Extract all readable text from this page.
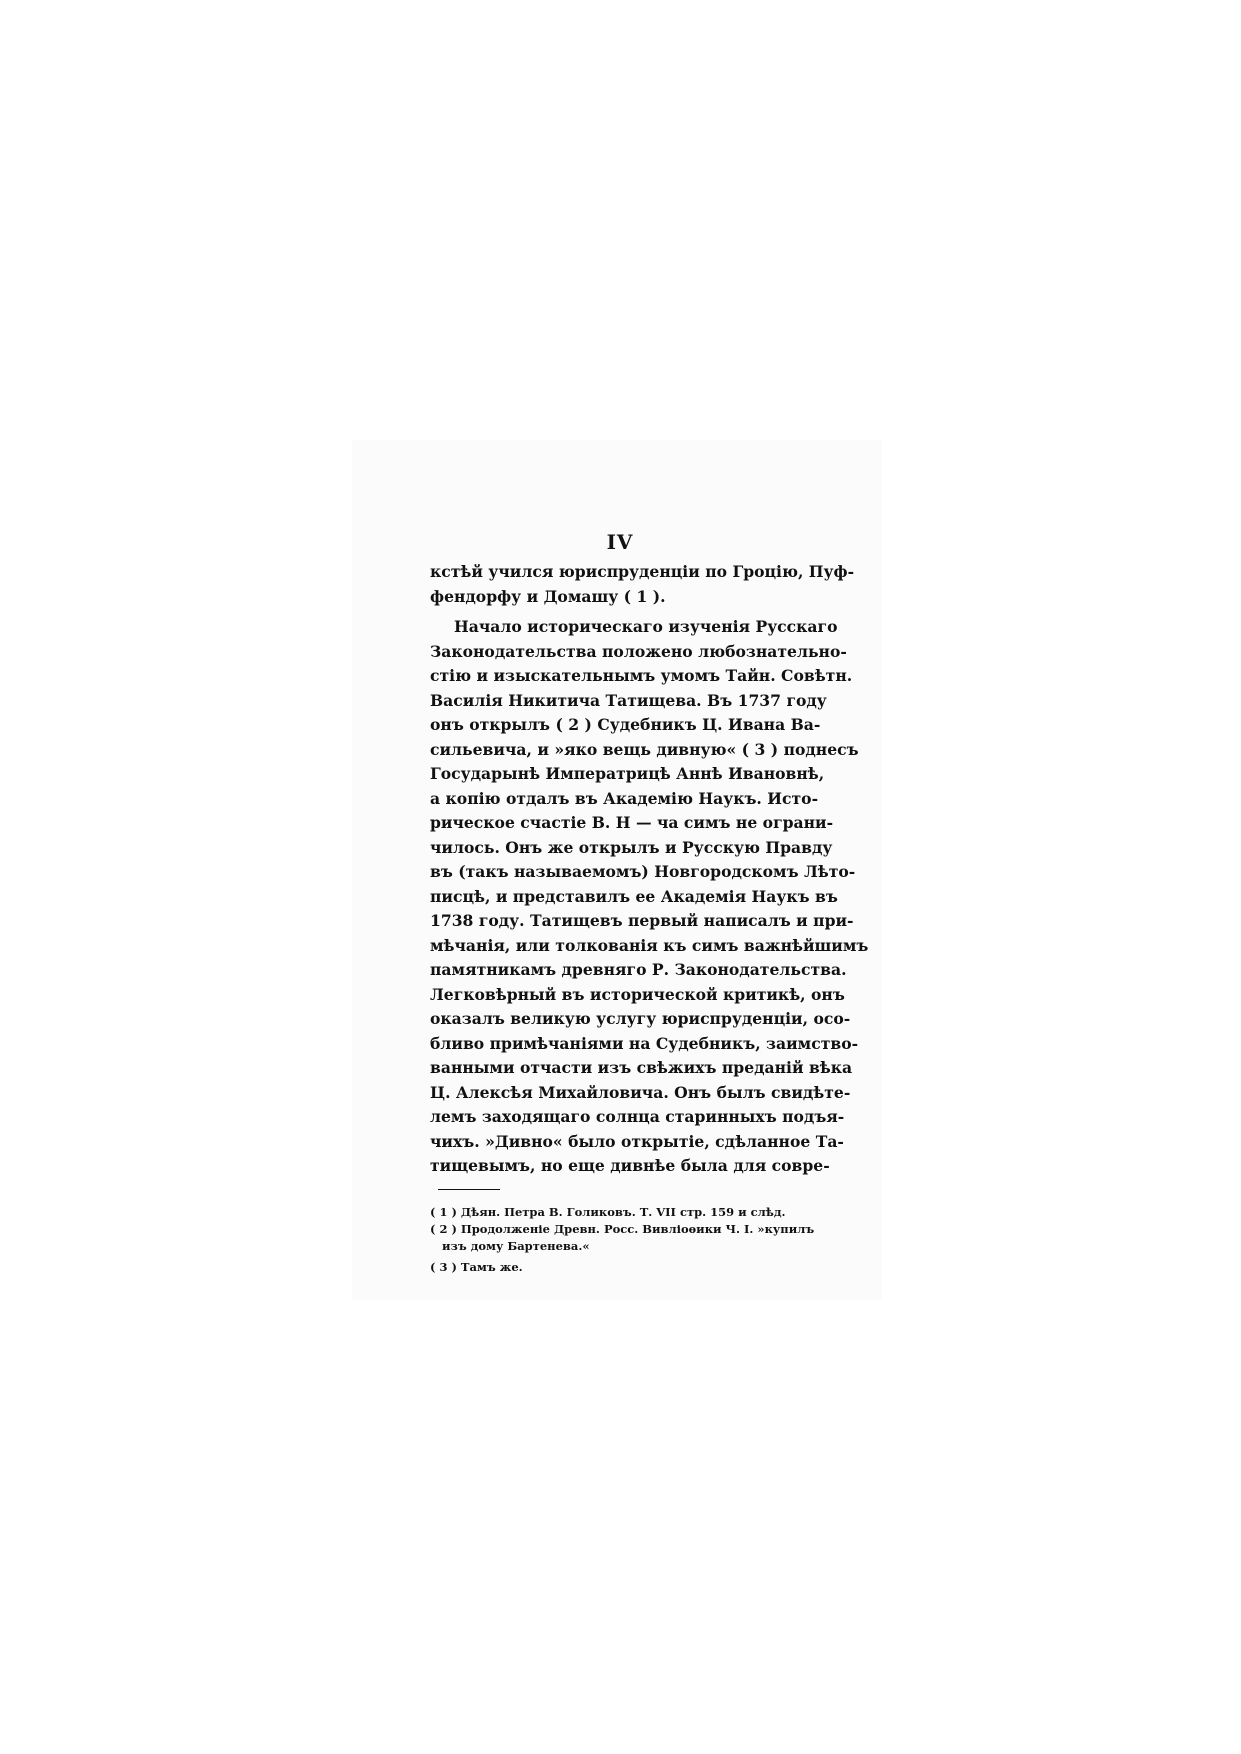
IV
кстѣй учился юриспруденціи по Гроцію, Пуф-
фендорфу и Домашу ( 1 ).
Начало историческаго изученія Русскаго
Законодательства положено любознательно-
стію и изыскательнымъ умомъ Тайн. Совѣтн.
Василія Никитича Татищева. Въ 1737 году
онъ открылъ ( 2 ) Судебникъ Ц. Ивана Ва-
сильевича, и »яко вещь дивную« ( 3 ) поднесъ
Государынѣ Императрицѣ Аннѣ Ивановнѣ,
а копію отдалъ въ Академію Наукъ. Исто-
рическое счастіе В. Н — ча симъ не ограни-
чилось. Онъ же открылъ и Русскую Правду
въ (такъ называемомъ) Новгородскомъ Лѣто-
писцѣ, и представилъ ее Академія Наукъ въ
1738 году. Татищевъ первый написалъ и при-
мѣчанія, или толкованія къ симъ важнѣйшимъ
памятникамъ древняго Р. Законодательства.
Легковѣрный въ исторической критикѣ, онъ
оказалъ великую услугу юриспруденціи, осо-
бливо примѣчаніями на Судебникъ, заимство-
ванными отчасти изъ свѣжихъ преданій вѣка
Ц. Алексѣя Михайловича. Онъ былъ свидѣте-
лемъ заходящаго солнца старинныхъ подъя-
чихъ. »Дивно« было открытіе, сдѣланное Та-
тищевымъ, но еще дивнѣе была для совре-
( 1 ) Дѣян. Петра В. Голиковъ. Т. VII стр. 159 и слѣд.
( 2 ) Продолженіе Древн. Росс. Вивліоѳики Ч. I. »купилъ
изъ дому Бартенева.«
( 3 ) Тамъ же.
